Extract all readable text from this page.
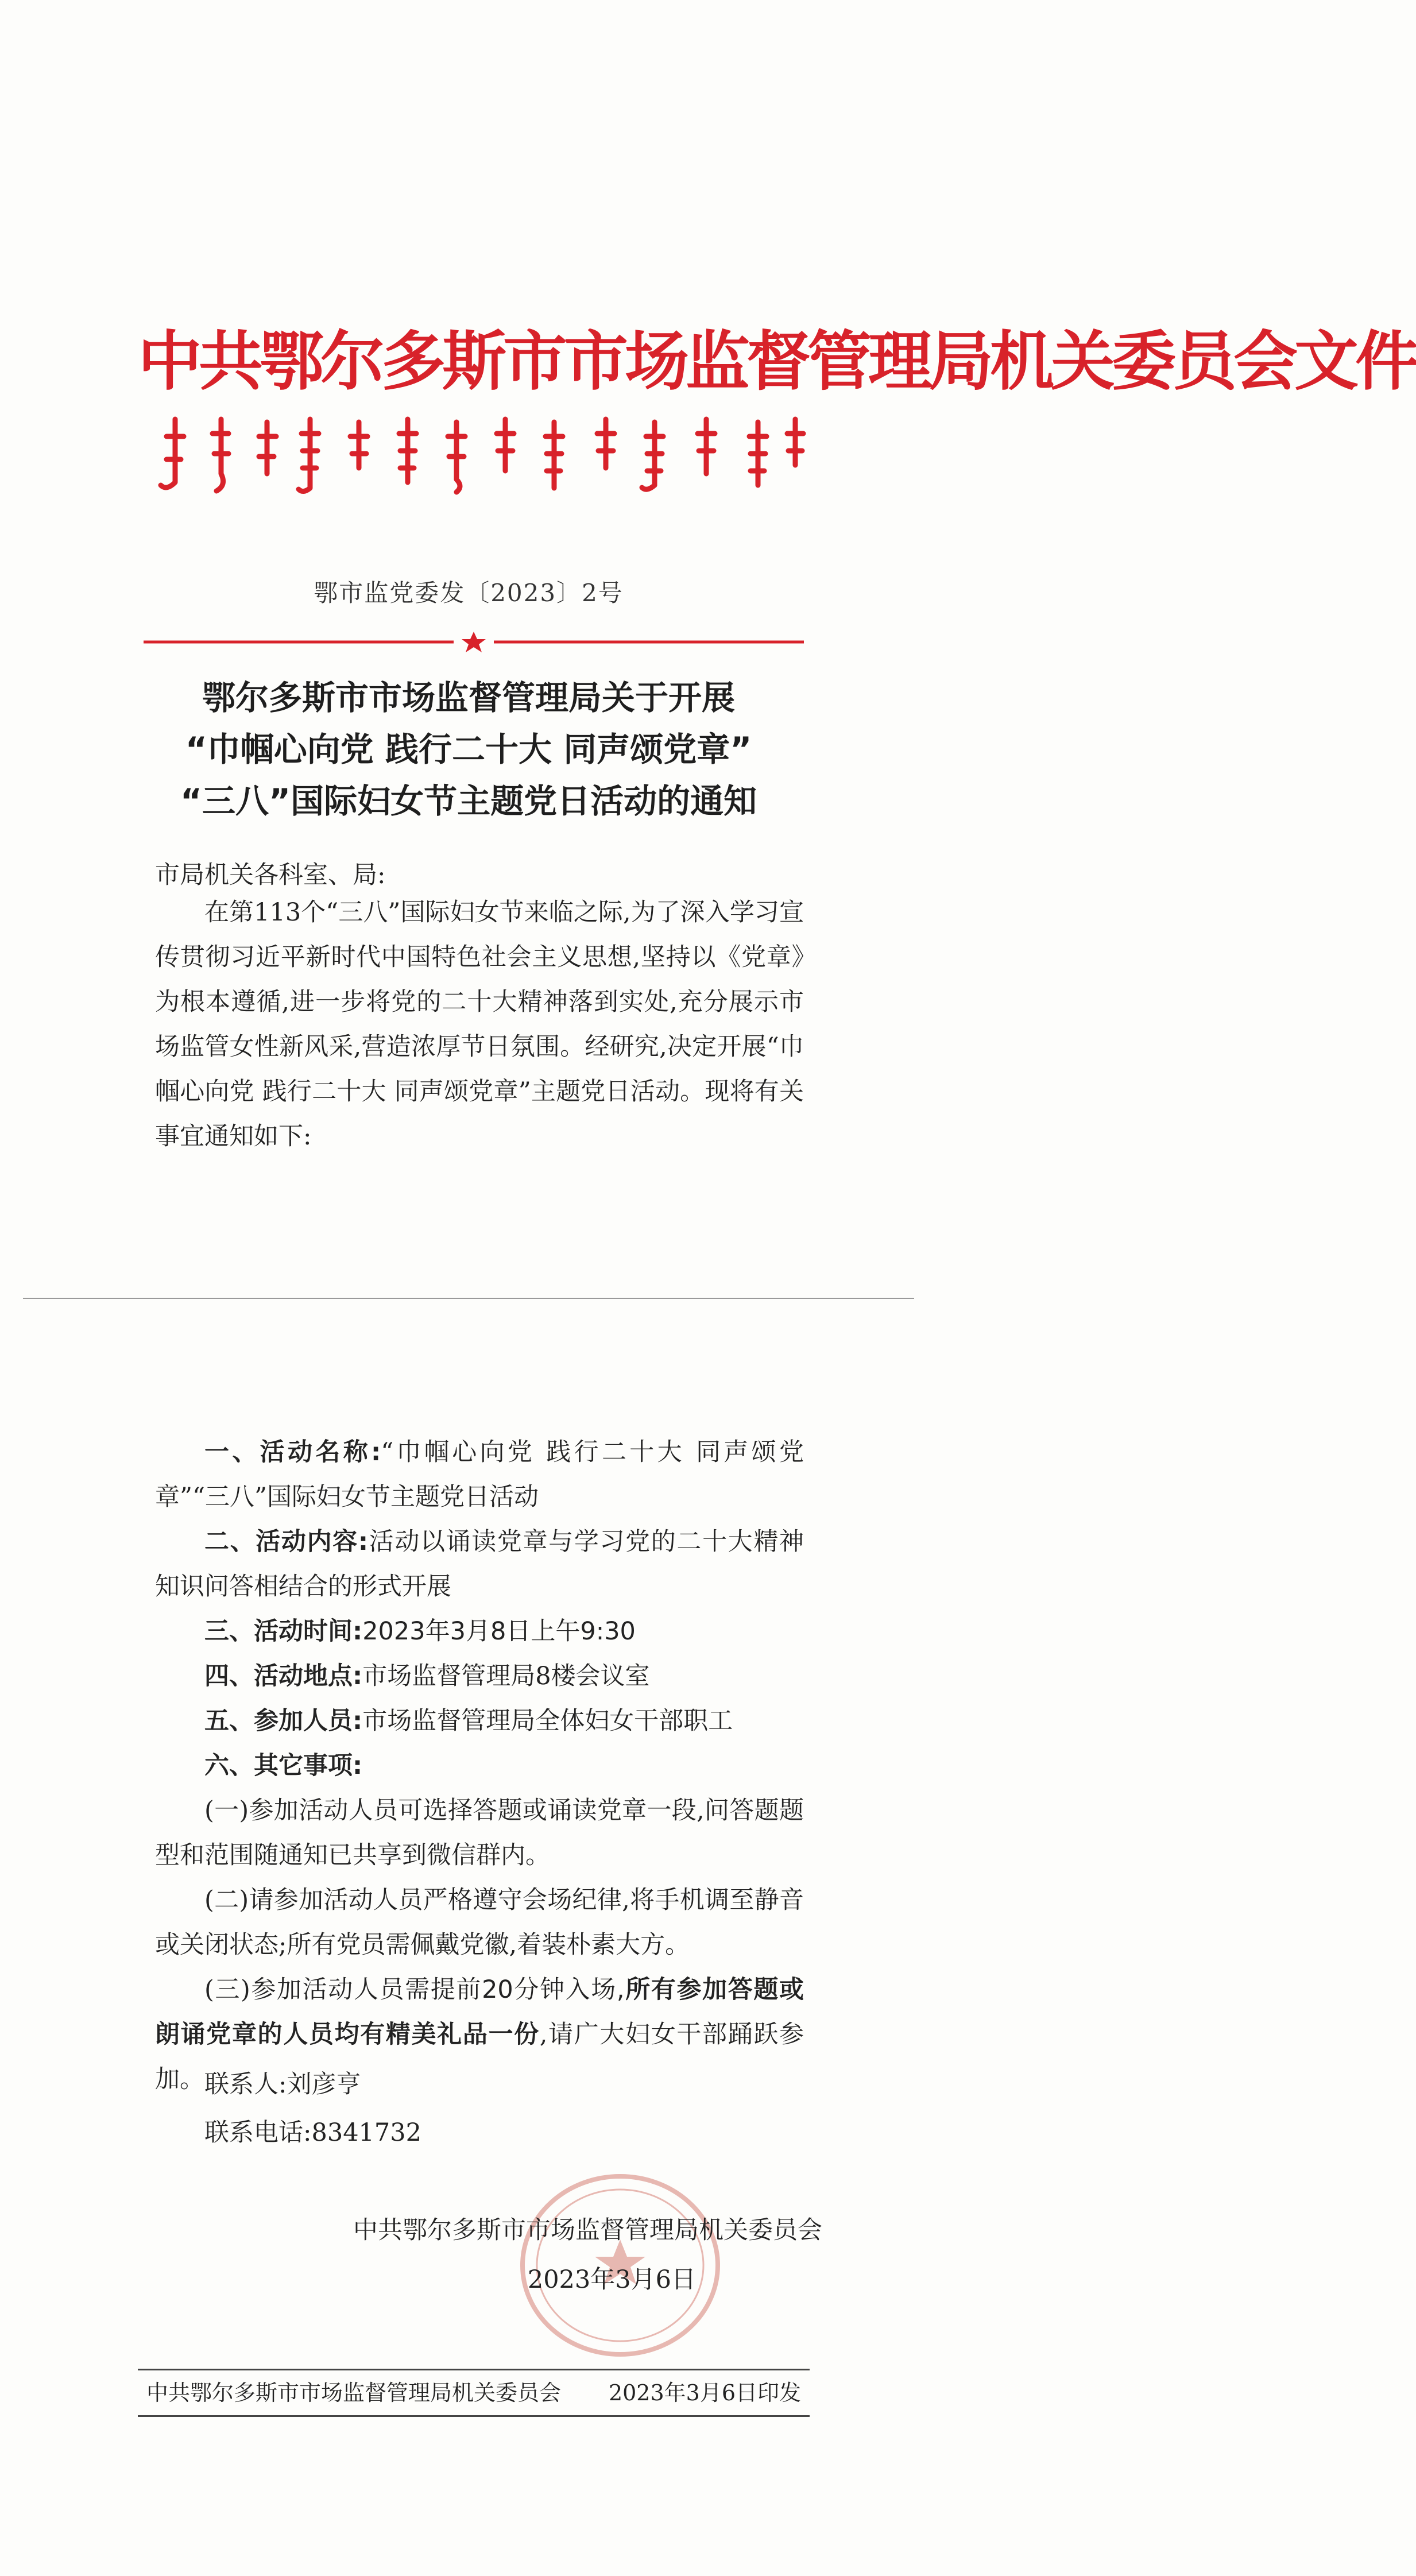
中共鄂尔多斯市市场监督管理局机关委员会文件
鄂市监党委发〔2023〕2号
鄂尔多斯市市场监督管理局关于开展
“巾帼心向党 践行二十大 同声颂党章”
“三八”国际妇女节主题党日活动的通知
市局机关各科室、局:
在第113个“三八”国际妇女节来临之际,为了深入学习宣传贯彻习近平新时代中国特色社会主义思想,坚持以《党章》为根本遵循,进一步将党的二十大精神落到实处,充分展示市场监管女性新风采,营造浓厚节日氛围。经研究,决定开展“巾帼心向党 践行二十大 同声颂党章”主题党日活动。现将有关事宜通知如下:
一、活动名称:“巾帼心向党 践行二十大 同声颂党章”“三八”国际妇女节主题党日活动
二、活动内容:活动以诵读党章与学习党的二十大精神知识问答相结合的形式开展
三、活动时间:2023年3月8日上午9:30
四、活动地点:市场监督管理局8楼会议室
五、参加人员:市场监督管理局全体妇女干部职工
六、其它事项:
(一)参加活动人员可选择答题或诵读党章一段,问答题题型和范围随通知已共享到微信群内。
(二)请参加活动人员严格遵守会场纪律,将手机调至静音或关闭状态;所有党员需佩戴党徽,着装朴素大方。
(三)参加活动人员需提前20分钟入场,所有参加答题或朗诵党章的人员均有精美礼品一份,请广大妇女干部踊跃参加。 联系人:刘彦亨
联系电话:8341732
中共鄂尔多斯市市场监督管理局机关委员会
2023年3月6日
中共鄂尔多斯市市场监督管理局机关委员会 2023年3月6日印发
